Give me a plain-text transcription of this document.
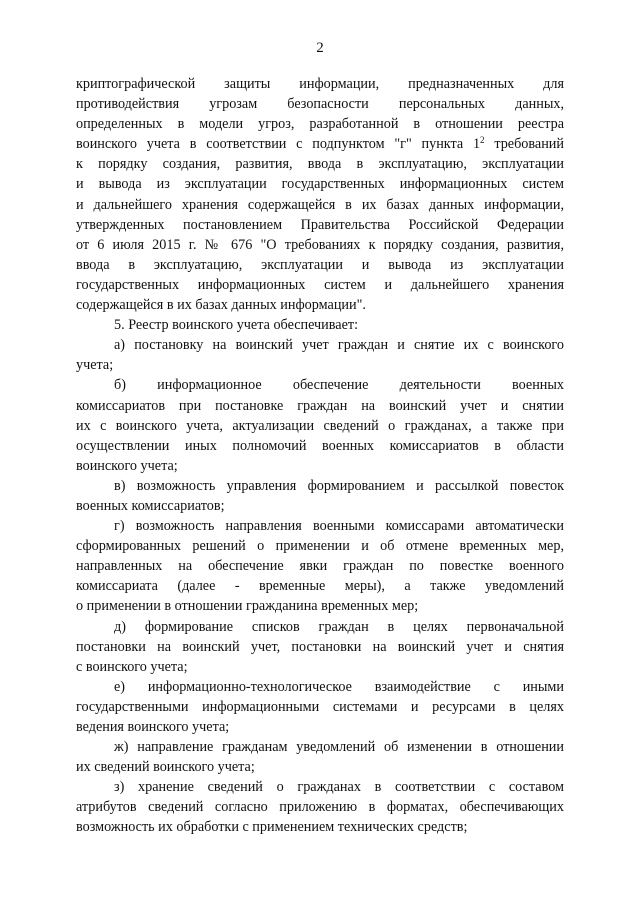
2
криптографической защиты информации, предназначенных для
противодействия угрозам безопасности персональных данных,
определенных в модели угроз, разработанной в отношении реестра
воинского учета в соответствии с подпунктом "г" пункта $1^2$ требований
к порядку создания, развития, ввода в эксплуатацию, эксплуатации
и вывода из эксплуатации государственных информационных систем
и дальнейшего хранения содержащейся в их базах данных информации,
утвержденных постановлением Правительства Российской Федерации
от 6 июля 2015 г. № 676 "О требованиях к порядку создания, развития,
ввода в эксплуатацию, эксплуатации и вывода из эксплуатации
государственных информационных систем и дальнейшего хранения
содержащейся в их базах данных информации".
5. Реестр воинского учета обеспечивает:
а) постановку на воинский учет граждан и снятие их с воинского
учета;
б) информационное обеспечение деятельности военных
комиссариатов при постановке граждан на воинский учет и снятии
их с воинского учета, актуализации сведений о гражданах, а также при
осуществлении иных полномочий военных комиссариатов в области
воинского учета;
в) возможность управления формированием и рассылкой повесток
военных комиссариатов;
г) возможность направления военными комиссарами автоматически
сформированных решений о применении и об отмене временных мер,
направленных на обеспечение явки граждан по повестке военного
комиссариата (далее - временные меры), а также уведомлений
о применении в отношении гражданина временных мер;
д) формирование списков граждан в целях первоначальной
постановки на воинский учет, постановки на воинский учет и снятия
с воинского учета;
е) информационно-технологическое взаимодействие с иными
государственными информационными системами и ресурсами в целях
ведения воинского учета;
ж) направление гражданам уведомлений об изменении в отношении
их сведений воинского учета;
з) хранение сведений о гражданах в соответствии с составом
атрибутов сведений согласно приложению в форматах, обеспечивающих
возможность их обработки с применением технических средств;
